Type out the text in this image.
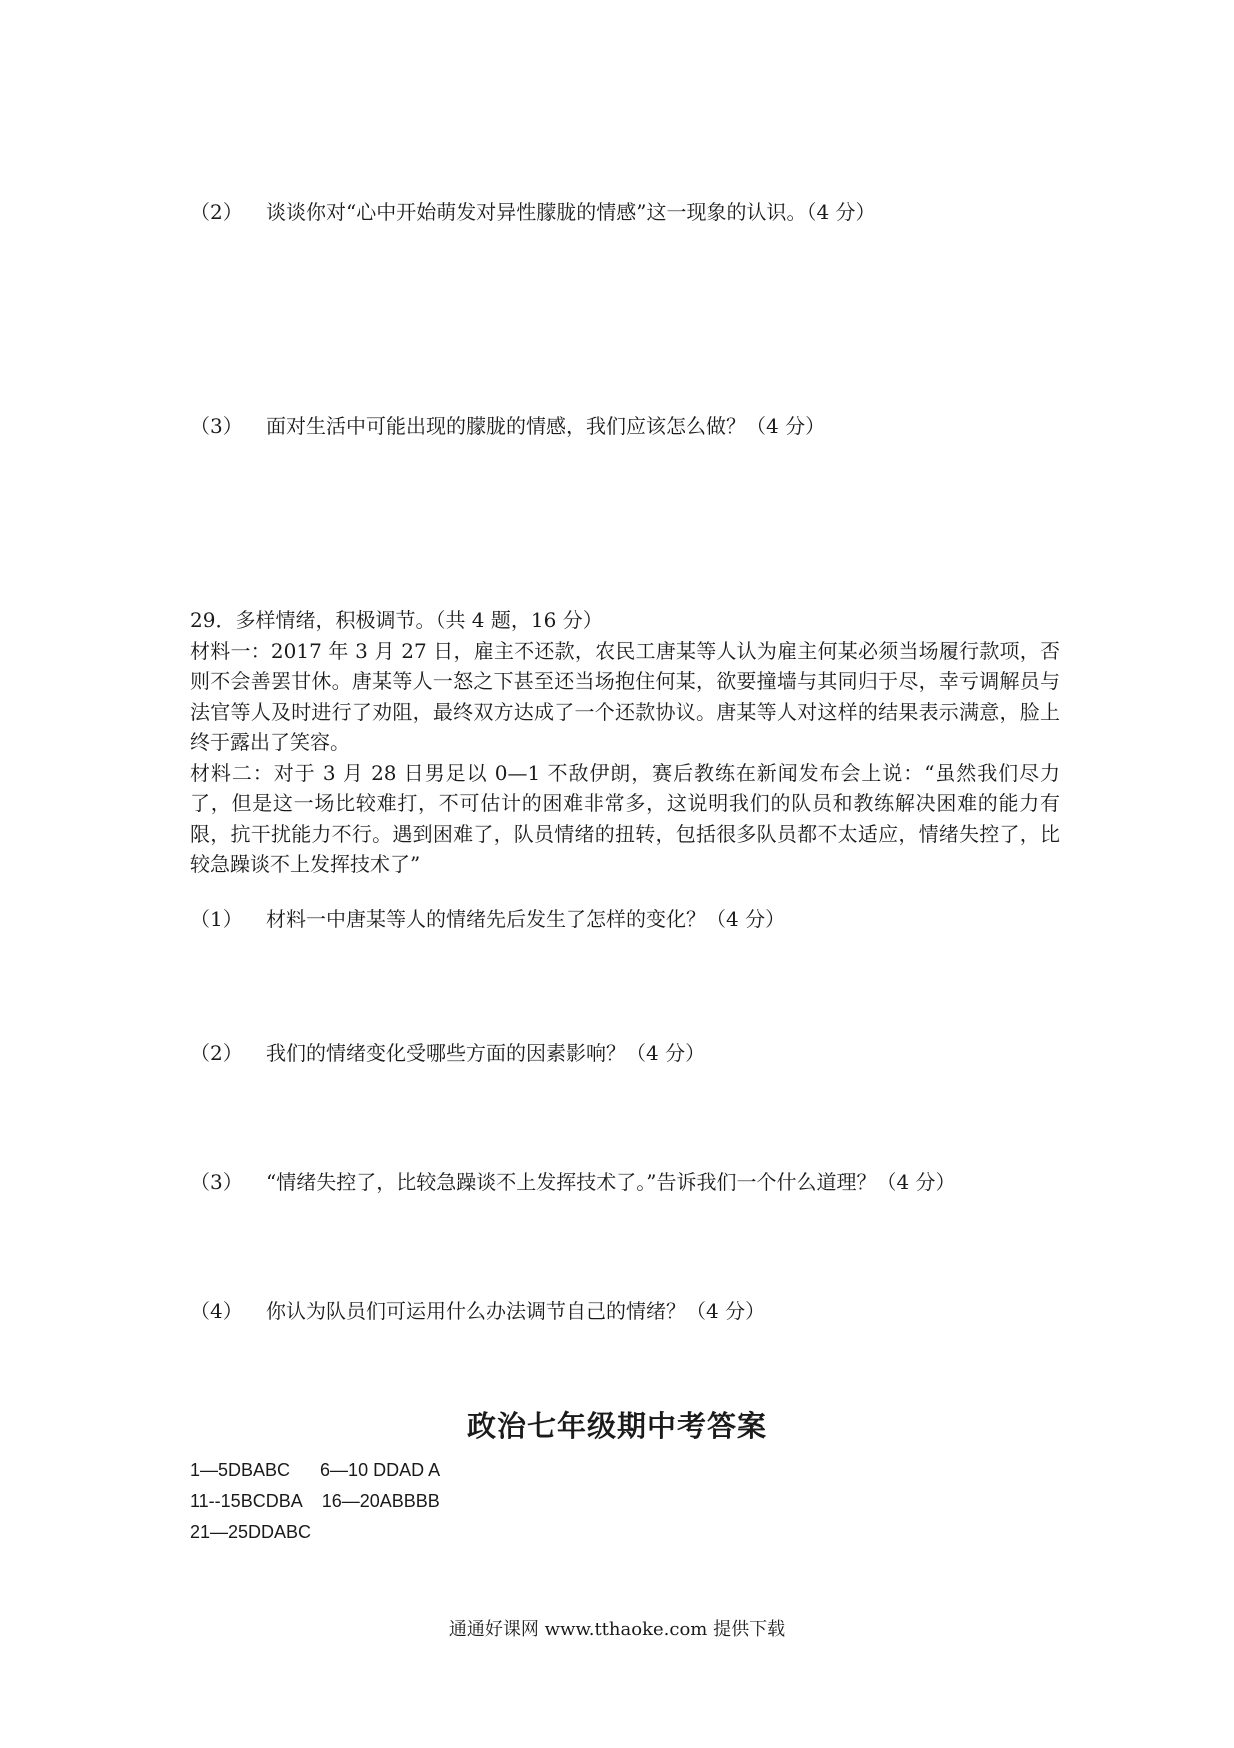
（2） 谈谈你对“心中开始萌发对异性朦胧的情感”这一现象的认识。（4 分）
（3） 面对生活中可能出现的朦胧的情感，我们应该怎么做？（4 分）

29．多样情绪，积极调节。（共 4 题，16 分）

材料一：2017 年 3 月 27 日，雇主不还款，农民工唐某等人认为雇主何某必须当场履行款项，否则不会善罢甘休。唐某等人一怒之下甚至还当场抱住何某，欲要撞墙与其同归于尽，幸亏调解员与法官等人及时进行了劝阻，最终双方达成了一个还款协议。唐某等人对这样的结果表示满意，脸上终于露出了笑容。

材料二：对于 3 月 28 日男足以 0—1 不敌伊朗，赛后教练在新闻发布会上说：“虽然我们尽力了，但是这一场比较难打，不可估计的困难非常多，这说明我们的队员和教练解决困难的能力有限，抗干扰能力不行。遇到困难了，队员情绪的扭转，包括很多队员都不太适应，情绪失控了，比较急躁谈不上发挥技术了”

（1） 材料一中唐某等人的情绪先后发生了怎样的变化？（4 分）
（2） 我们的情绪变化受哪些方面的因素影响？（4 分）
（3） “情绪失控了，比较急躁谈不上发挥技术了。”告诉我们一个什么道理？（4 分）
（4） 你认为队员们可运用什么办法调节自己的情绪？（4 分）
政治七年级期中考答案
1—5DBABC      6—10 DDAD A
11--15BCDBA    16—20ABBBB
21—25DDABC
通通好课网 www.tthaoke.com 提供下载
